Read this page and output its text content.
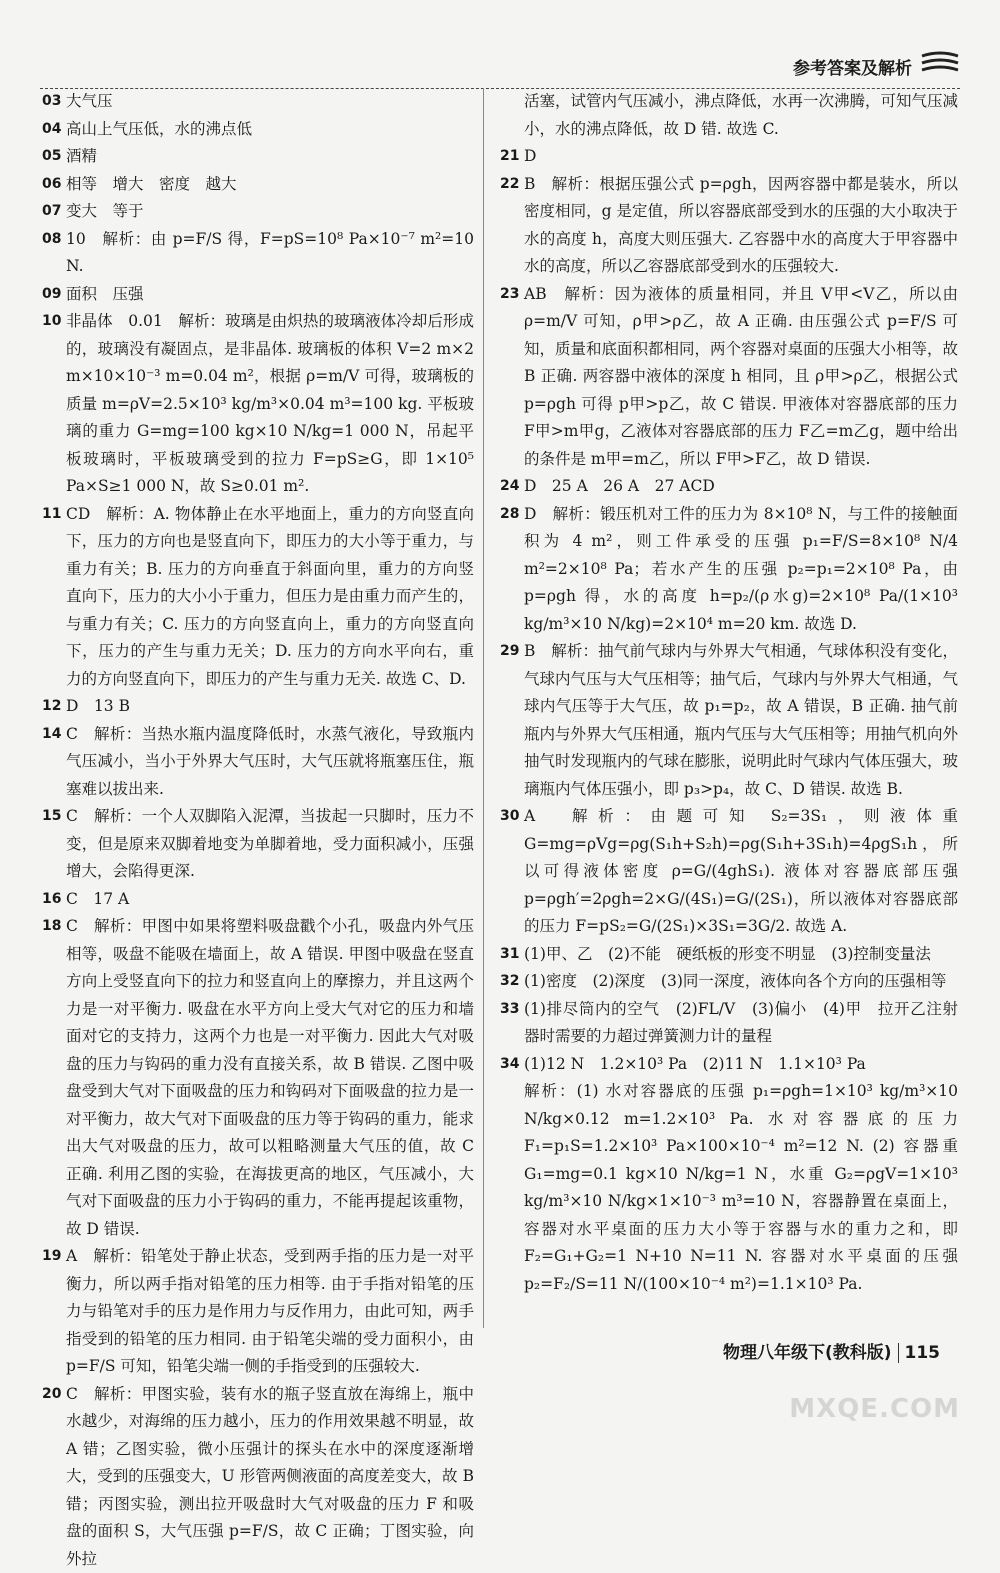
参考答案及解析
03 大气压
04 高山上气压低，水的沸点低
05 酒精
06 相等　增大　密度　越大
07 变大　等于
08 10　解析：由 p=F/S 得，F=pS=10⁸ Pa×10⁻⁷ m²=10 N.
09 面积　压强
10 非晶体　0.01　解析：玻璃是由炽热的玻璃液体冷却后形成的，玻璃没有凝固点，是非晶体. 玻璃板的体积 V=2 m×2 m×10×10⁻³ m=0.04 m²，根据 ρ=m/V 可得，玻璃板的质量 m=ρV=2.5×10³ kg/m³×0.04 m³=100 kg. 平板玻璃的重力 G=mg=100 kg×10 N/kg=1 000 N，吊起平板玻璃时，平板玻璃受到的拉力 F=pS≥G，即 1×10⁵ Pa×S≥1 000 N，故 S≥0.01 m².
11 CD　解析：A. 物体静止在水平地面上，重力的方向竖直向下，压力的方向也是竖直向下，即压力的大小等于重力，与重力有关；B. 压力的方向垂直于斜面向里，重力的方向竖直向下，压力的大小小于重力，但压力是由重力而产生的，与重力有关；C. 压力的方向竖直向上，重力的方向竖直向下，压力的产生与重力无关；D. 压力的方向水平向右，重力的方向竖直向下，即压力的产生与重力无关. 故选 C、D.
12 D　13 B
14 C　解析：当热水瓶内温度降低时，水蒸气液化，导致瓶内气压减小，当小于外界大气压时，大气压就将瓶塞压住，瓶塞难以拔出来.
15 C　解析：一个人双脚陷入泥潭，当拔起一只脚时，压力不变，但是原来双脚着地变为单脚着地，受力面积减小，压强增大，会陷得更深.
16 C　17 A
18 C　解析：甲图中如果将塑料吸盘戳个小孔，吸盘内外气压相等，吸盘不能吸在墙面上，故 A 错误. 甲图中吸盘在竖直方向上受竖直向下的拉力和竖直向上的摩擦力，并且这两个力是一对平衡力. 吸盘在水平方向上受大气对它的压力和墙面对它的支持力，这两个力也是一对平衡力. 因此大气对吸盘的压力与钩码的重力没有直接关系，故 B 错误. 乙图中吸盘受到大气对下面吸盘的压力和钩码对下面吸盘的拉力是一对平衡力，故大气对下面吸盘的压力等于钩码的重力，能求出大气对吸盘的压力，故可以粗略测量大气压的值，故 C 正确. 利用乙图的实验，在海拔更高的地区，气压减小，大气对下面吸盘的压力小于钩码的重力，不能再提起该重物，故 D 错误.
19 A　解析：铅笔处于静止状态，受到两手指的压力是一对平衡力，所以两手指对铅笔的压力相等. 由于手指对铅笔的压力与铅笔对手的压力是作用力与反作用力，由此可知，两手指受到的铅笔的压力相同. 由于铅笔尖端的受力面积小，由 p=F/S 可知，铅笔尖端一侧的手指受到的压强较大.
20 C　解析：甲图实验，装有水的瓶子竖直放在海绵上，瓶中水越少，对海绵的压力越小，压力的作用效果越不明显，故 A 错；乙图实验，微小压强计的探头在水中的深度逐渐增大，受到的压强变大，U 形管两侧液面的高度差变大，故 B 错；丙图实验，测出拉开吸盘时大气对吸盘的压力 F 和吸盘的面积 S，大气压强 p=F/S，故 C 正确；丁图实验，向外拉
活塞，试管内气压减小，沸点降低，水再一次沸腾，可知气压减小，水的沸点降低，故 D 错. 故选 C.
21 D
22 B　解析：根据压强公式 p=ρgh，因两容器中都是装水，所以密度相同，g 是定值，所以容器底部受到水的压强的大小取决于水的高度 h，高度大则压强大. 乙容器中水的高度大于甲容器中水的高度，所以乙容器底部受到水的压强较大.
23 AB　解析：因为液体的质量相同，并且 V甲<V乙，所以由 ρ=m/V 可知，ρ甲>ρ乙，故 A 正确. 由压强公式 p=F/S 可知，质量和底面积都相同，两个容器对桌面的压强大小相等，故 B 正确. 两容器中液体的深度 h 相同，且 ρ甲>ρ乙，根据公式 p=ρgh 可得 p甲>p乙，故 C 错误. 甲液体对容器底部的压力 F甲>m甲g，乙液体对容器底部的压力 F乙=m乙g，题中给出的条件是 m甲=m乙，所以 F甲>F乙，故 D 错误.
24 D　25 A　26 A　27 ACD
28 D　解析：锻压机对工件的压力为 8×10⁸ N，与工件的接触面积为 4 m²，则工件承受的压强 p₁=F/S=8×10⁸ N/4 m²=2×10⁸ Pa；若水产生的压强 p₂=p₁=2×10⁸ Pa，由 p=ρgh 得，水的高度 h=p₂/(ρ水g)=2×10⁸ Pa/(1×10³ kg/m³×10 N/kg)=2×10⁴ m=20 km. 故选 D.
29 B　解析：抽气前气球内与外界大气相通，气球体积没有变化，气球内气压与大气压相等；抽气后，气球内与外界大气相通，气球内气压等于大气压，故 p₁=p₂，故 A 错误，B 正确. 抽气前瓶内与外界大气压相通，瓶内气压与大气压相等；用抽气机向外抽气时发现瓶内的气球在膨胀，说明此时气球内气体压强大，玻璃瓶内气体压强小，即 p₃>p₄，故 C、D 错误. 故选 B.
30 A　解析：由题可知 S₂=3S₁，则液体重 G=mg=ρVg=ρg(S₁h+S₂h)=ρg(S₁h+3S₁h)=4ρgS₁h，所以可得液体密度 ρ=G/(4ghS₁). 液体对容器底部压强 p=ρgh′=2ρgh=2×G/(4S₁)=G/(2S₁)，所以液体对容器底部的压力 F=pS₂=G/(2S₁)×3S₁=3G/2. 故选 A.
31 (1)甲、乙　(2)不能　硬纸板的形变不明显　(3)控制变量法
32 (1)密度　(2)深度　(3)同一深度，液体向各个方向的压强相等
33 (1)排尽筒内的空气　(2)FL/V　(3)偏小　(4)甲　拉开乙注射器时需要的力超过弹簧测力计的量程
34 (1)12 N　1.2×10³ Pa　(2)11 N　1.1×10³ Pa
解析：(1) 水对容器底的压强 p₁=ρgh=1×10³ kg/m³×10 N/kg×0.12 m=1.2×10³ Pa. 水对容器底的压力 F₁=p₁S=1.2×10³ Pa×100×10⁻⁴ m²=12 N. (2) 容器重 G₁=mg=0.1 kg×10 N/kg=1 N，水重 G₂=ρgV=1×10³ kg/m³×10 N/kg×1×10⁻³ m³=10 N，容器静置在桌面上，容器对水平桌面的压力大小等于容器与水的重力之和，即 F₂=G₁+G₂=1 N+10 N=11 N. 容器对水平桌面的压强 p₂=F₂/S=11 N/(100×10⁻⁴ m²)=1.1×10³ Pa.
物理八年级下(教科版) 115
MXQE.COM
